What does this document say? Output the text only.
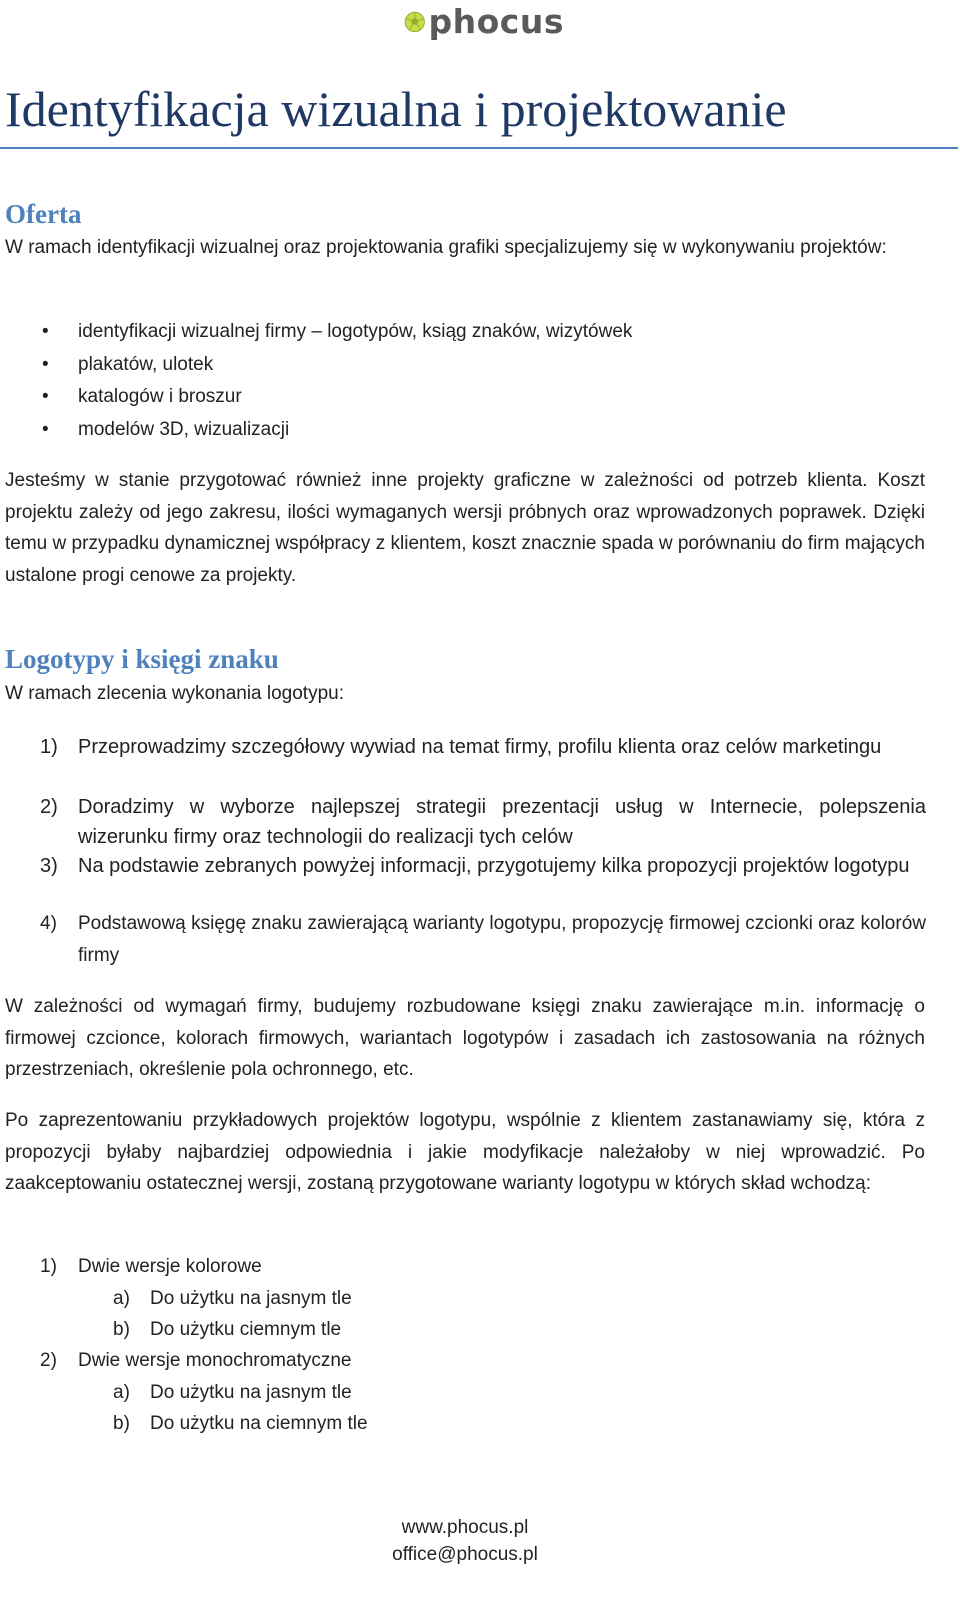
phocus
Identyfikacja wizualna i projektowanie
Oferta

W ramach identyfikacji wizualnej oraz projektowania grafiki specjalizujemy się w wykonywaniu projektów:

• identyfikacji wizualnej firmy – logotypów, ksiąg znaków, wizytówek
• plakatów, ulotek
• katalogów i broszur
• modelów 3D, wizualizacji

Jesteśmy w stanie przygotować również inne projekty graficzne w zależności od potrzeb klienta. Koszt projektu zależy od jego zakresu, ilości wymaganych wersji próbnych oraz wprowadzonych poprawek. Dzięki temu w przypadku dynamicznej współpracy z klientem, koszt znacznie spada w porównaniu do firm mających ustalone progi cenowe za projekty.

Logotypy i księgi znaku

W ramach zlecenia wykonania logotypu:

1) Przeprowadzimy szczegółowy wywiad na temat firmy, profilu klienta oraz celów marketingu
2) Doradzimy w wyborze najlepszej strategii prezentacji usług w Internecie, polepszenia wizerunku firmy oraz technologii do realizacji tych celów
3) Na podstawie zebranych powyżej informacji, przygotujemy kilka propozycji projektów logotypu
4) Podstawową księgę znaku zawierającą warianty logotypu, propozycję firmowej czcionki oraz kolorów firmy

W zależności od wymagań firmy, budujemy rozbudowane księgi znaku zawierające m.in. informację o firmowej czcionce, kolorach firmowych, wariantach logotypów i zasadach ich zastosowania na różnych przestrzeniach, określenie pola ochronnego, etc.

Po zaprezentowaniu przykładowych projektów logotypu, wspólnie z klientem zastanawiamy się, która z propozycji byłaby najbardziej odpowiednia i jakie modyfikacje należałoby w niej wprowadzić. Po zaakceptowaniu ostatecznej wersji, zostaną przygotowane warianty logotypu w których skład wchodzą:

1) Dwie wersje kolorowe
a) Do użytku na jasnym tle
b) Do użytku ciemnym tle
2) Dwie wersje monochromatyczne
a) Do użytku na jasnym tle
b) Do użytku na ciemnym tle
www.phocus.pl
office@phocus.pl
